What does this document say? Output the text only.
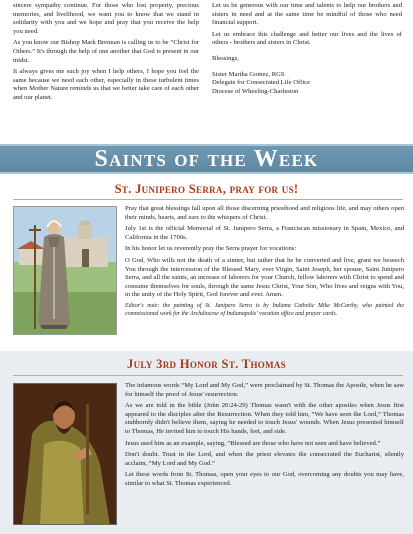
sincere sympathy continue. For those who lost property, precious memories, and livelihood, we want you to know that we stand in solidarity with you and we hope and pray that you receive the help you need.

As you know our Bishop Mark Brennan is calling us to be “Christ for Others.” It's through the help of one another that God is present in our midst.

It always gives me such joy when I help others, I hope you feel the same because we need each other, especially in these turbulent times when Mother Nature reminds us that we better take care of each other and our planet.

Let us be generous with our time and talents to help our brothers and sisters in need and at the same time be mindful of those who need financial support.

Let us embrace this challenge and better our lives and the lives of others - brothers and sisters in Christ.

Blessings,
Sister Martha Gomez, RGS
Delegate for Consecrated Life Office
Diocese of Wheeling-Charleston
Saints of the Week
St. Junipero Serra, pray for us!

Pray that great blessings fall upon all those discerning priesthood and religious life, and may others open their minds, hearts, and ears to the whispers of Christ.

July 1st is the official Memorial of St. Junipero Serra, a Franciscan missionary in Spain, Mexico, and California in the 1700s.

In his honor let us reverently pray the Serra prayer for vocations:

O God, Who wills not the death of a sinner, but rather that he be converted and live, grant we beseech You through the intercession of the Blessed Mary, ever Virgin, Saint Joseph, her spouse, Saint Junipero Serra, and all the saints, an increase of laborers for your Church, fellow laborers with Christ to spend and consume themselves for souls, through the same Jesus Christ, Your Son, Who lives and reigns with You, in the unity of the Holy Spirit, God forever and ever. Amen.

Editor's note: the painting of St. Junipero Serra is by Indiana Catholic Mike McCarthy, who painted the commissioned work for the Archdiocese of Indianapolis' vocation office and prayer cards.

July 3rd Honor St. Thomas

The infamous words “My Lord and My God,” were proclaimed by St. Thomas the Apostle, when he saw for himself the proof of Jesus' resurrection.

As we are told in the bible (John 20:24-29) Thomas wasn't with the other apostles when Jesus first appeared to the disciples after the Resurrection. When they told him, “We have seen the Lord,” Thomas stubbornly didn't believe them, saying he needed to touch Jesus' wounds. When Jesus presented himself to Thomas, He invited him to touch His hands, feet, and side.

Jesus used him as an example, saying, “Blessed are those who have not seen and have believed.”

Don't doubt. Trust in the Lord, and when the priest elevates the consecrated the Eucharist, silently acclaim, “My Lord and My God.”

Let these words from St. Thomas, open your eyes to our God, overcoming any doubts you may have, similar to what St. Thomas experienced.
